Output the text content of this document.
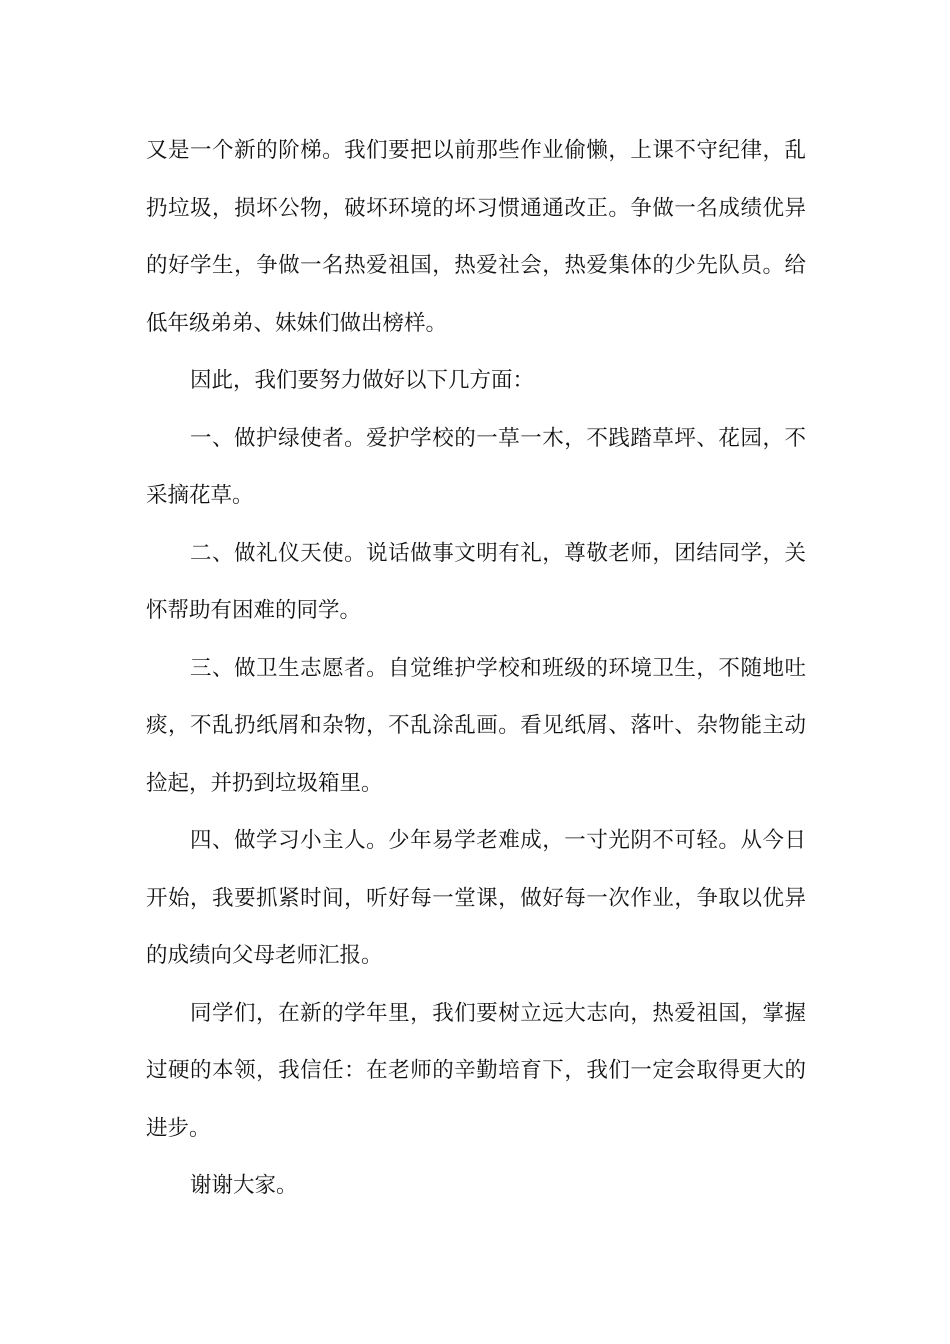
又是一个新的阶梯。我们要把以前那些作业偷懒，上课不守纪律，乱扔垃圾，损坏公物，破坏环境的坏习惯通通改正。争做一名成绩优异的好学生，争做一名热爱祖国，热爱社会，热爱集体的少先队员。给低年级弟弟、妹妹们做出榜样。

因此，我们要努力做好以下几方面：

一、做护绿使者。爱护学校的一草一木，不践踏草坪、花园，不采摘花草。

二、做礼仪天使。说话做事文明有礼，尊敬老师，团结同学，关怀帮助有困难的同学。

三、做卫生志愿者。自觉维护学校和班级的环境卫生，不随地吐痰，不乱扔纸屑和杂物，不乱涂乱画。看见纸屑、落叶、杂物能主动捡起，并扔到垃圾箱里。

四、做学习小主人。少年易学老难成，一寸光阴不可轻。从今日开始，我要抓紧时间，听好每一堂课，做好每一次作业，争取以优异的成绩向父母老师汇报。

同学们，在新的学年里，我们要树立远大志向，热爱祖国，掌握过硬的本领，我信任：在老师的辛勤培育下，我们一定会取得更大的进步。

谢谢大家。
